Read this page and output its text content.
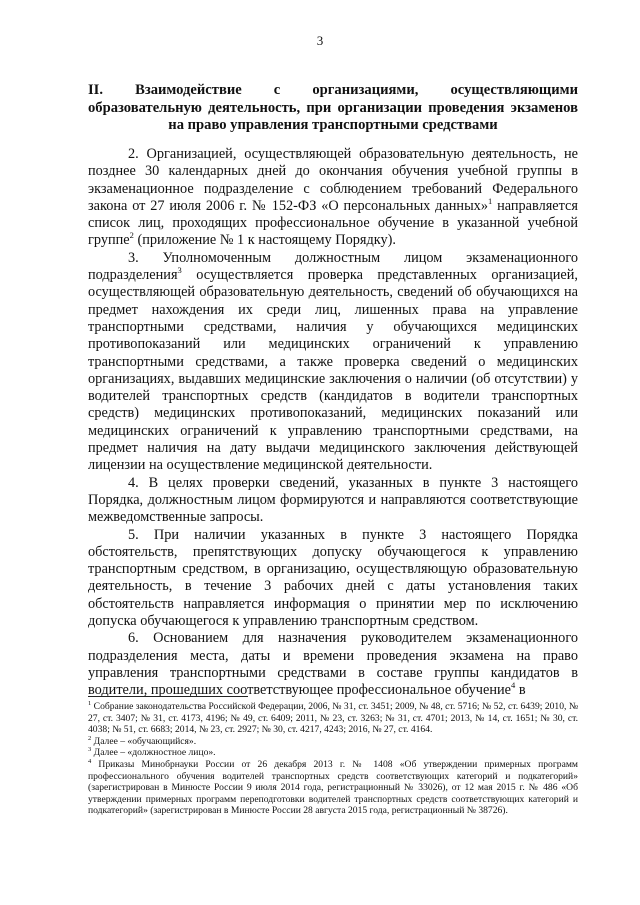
3
II. Взаимодействие с организациями, осуществляющими образовательную деятельность, при организации проведения экзаменов на право управления транспортными средствами

2. Организацией, осуществляющей образовательную деятельность, не позднее 30 календарных дней до окончания обучения учебной группы в экзаменационное подразделение с соблюдением требований Федерального закона от 27 июля 2006 г. № 152-ФЗ «О персональных данных»$^1$ направляется список лиц, проходящих профессиональное обучение в указанной учебной группе$^2$ (приложение № 1 к настоящему Порядку).

3. Уполномоченным должностным лицом экзаменационного подразделения$^3$ осуществляется проверка представленных организацией, осуществляющей образовательную деятельность, сведений об обучающихся на предмет нахождения их среди лиц, лишенных права на управление транспортными средствами, наличия у обучающихся медицинских противопоказаний или медицинских ограничений к управлению транспортными средствами, а также проверка сведений о медицинских организациях, выдавших медицинские заключения о наличии (об отсутствии) у водителей транспортных средств (кандидатов в водители транспортных средств) медицинских противопоказаний, медицинских показаний или медицинских ограничений к управлению транспортными средствами, на предмет наличия на дату выдачи медицинского заключения действующей лицензии на осуществление медицинской деятельности.

4. В целях проверки сведений, указанных в пункте 3 настоящего Порядка, должностным лицом формируются и направляются соответствующие межведомственные запросы.

5. При наличии указанных в пункте 3 настоящего Порядка обстоятельств, препятствующих допуску обучающегося к управлению транспортным средством, в организацию, осуществляющую образовательную деятельность, в течение 3 рабочих дней с даты установления таких обстоятельств направляется информация о принятии мер по исключению допуска обучающегося к управлению транспортным средством.

6. Основанием для назначения руководителем экзаменационного подразделения места, даты и времени проведения экзамена на право управления транспортными средствами в составе группы кандидатов в водители, прошедших соответствующее профессиональное обучение$^4$ в

$^1$ Собрание законодательства Российской Федерации, 2006, № 31, ст. 3451; 2009, № 48, ст. 5716; № 52, ст. 6439; 2010, № 27, ст. 3407; № 31, ст. 4173, 4196; № 49, ст. 6409; 2011, № 23, ст. 3263; № 31, ст. 4701; 2013, № 14, ст. 1651; № 30, ст. 4038; № 51, ст. 6683; 2014, № 23, ст. 2927; № 30, ст. 4217, 4243; 2016, № 27, ст. 4164.

$^2$ Далее – «обучающийся».

$^3$ Далее – «должностное лицо».

$^4$ Приказы Минобрнауки России от 26 декабря 2013 г. № 1408 «Об утверждении примерных программ профессионального обучения водителей транспортных средств соответствующих категорий и подкатегорий» (зарегистрирован в Минюсте России 9 июля 2014 года, регистрационный № 33026), от 12 мая 2015 г. № 486 «Об утверждении примерных программ переподготовки водителей транспортных средств соответствующих категорий и подкатегорий» (зарегистрирован в Минюсте России 28 августа 2015 года, регистрационный № 38726).
